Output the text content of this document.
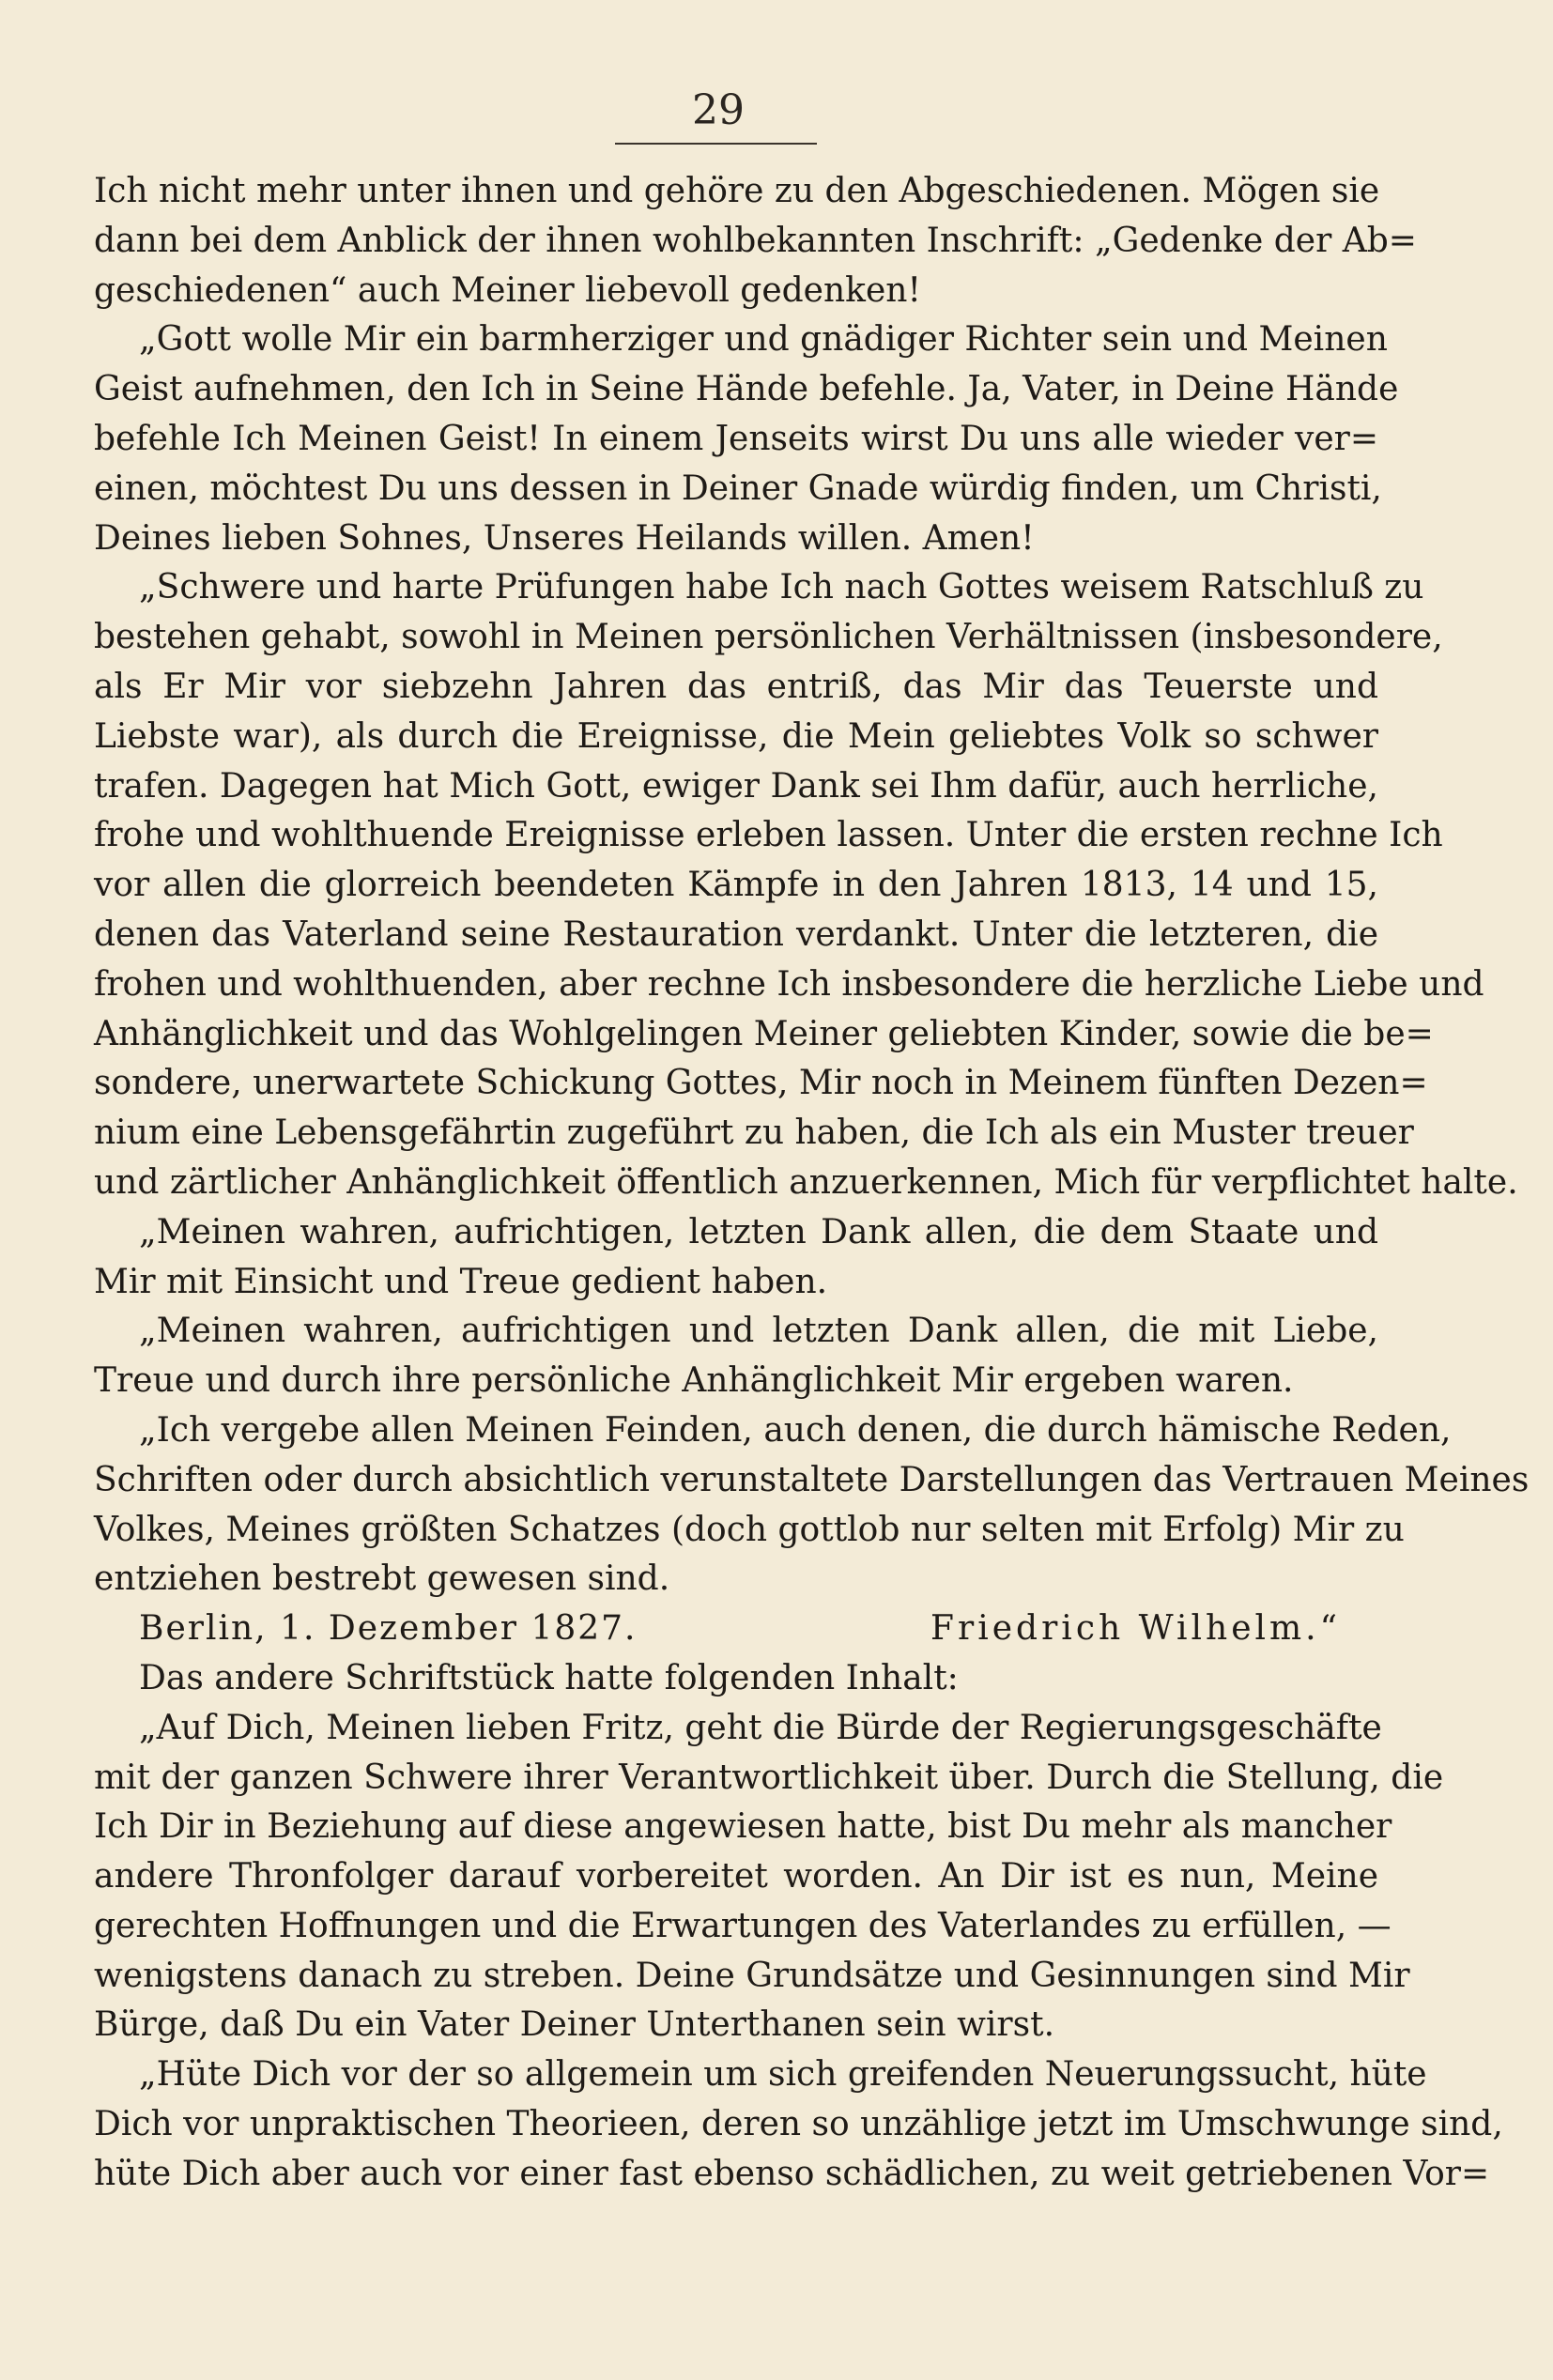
29
Ich nicht mehr unter ihnen und gehöre zu den Abgeschiedenen. Mögen sie
dann bei dem Anblick der ihnen wohlbekannten Inschrift: „Gedenke der Ab=
geschiedenen“ auch Meiner liebevoll gedenken!
„Gott wolle Mir ein barmherziger und gnädiger Richter sein und Meinen
Geist aufnehmen, den Ich in Seine Hände befehle. Ja, Vater, in Deine Hände
befehle Ich Meinen Geist! In einem Jenseits wirst Du uns alle wieder ver=
einen, möchtest Du uns dessen in Deiner Gnade würdig finden, um Christi,
Deines lieben Sohnes, Unseres Heilands willen. Amen!
„Schwere und harte Prüfungen habe Ich nach Gottes weisem Ratschluß zu
bestehen gehabt, sowohl in Meinen persönlichen Verhältnissen (insbesondere,
als Er Mir vor siebzehn Jahren das entriß, das Mir das Teuerste und
Liebste war), als durch die Ereignisse, die Mein geliebtes Volk so schwer
trafen. Dagegen hat Mich Gott, ewiger Dank sei Ihm dafür, auch herrliche,
frohe und wohlthuende Ereignisse erleben lassen. Unter die ersten rechne Ich
vor allen die glorreich beendeten Kämpfe in den Jahren 1813, 14 und 15,
denen das Vaterland seine Restauration verdankt. Unter die letzteren, die
frohen und wohlthuenden, aber rechne Ich insbesondere die herzliche Liebe und
Anhänglichkeit und das Wohlgelingen Meiner geliebten Kinder, sowie die be=
sondere, unerwartete Schickung Gottes, Mir noch in Meinem fünften Dezen=
nium eine Lebensgefährtin zugeführt zu haben, die Ich als ein Muster treuer
und zärtlicher Anhänglichkeit öffentlich anzuerkennen, Mich für verpflichtet halte.
„Meinen wahren, aufrichtigen, letzten Dank allen, die dem Staate und
Mir mit Einsicht und Treue gedient haben.
„Meinen wahren, aufrichtigen und letzten Dank allen, die mit Liebe,
Treue und durch ihre persönliche Anhänglichkeit Mir ergeben waren.
„Ich vergebe allen Meinen Feinden, auch denen, die durch hämische Reden,
Schriften oder durch absichtlich verunstaltete Darstellungen das Vertrauen Meines
Volkes, Meines größten Schatzes (doch gottlob nur selten mit Erfolg) Mir zu
entziehen bestrebt gewesen sind.
Berlin, 1. Dezember 1827.	Friedrich Wilhelm.“
Das andere Schriftstück hatte folgenden Inhalt:
„Auf Dich, Meinen lieben Fritz, geht die Bürde der Regierungsgeschäfte
mit der ganzen Schwere ihrer Verantwortlichkeit über. Durch die Stellung, die
Ich Dir in Beziehung auf diese angewiesen hatte, bist Du mehr als mancher
andere Thronfolger darauf vorbereitet worden. An Dir ist es nun, Meine
gerechten Hoffnungen und die Erwartungen des Vaterlandes zu erfüllen, —
wenigstens danach zu streben. Deine Grundsätze und Gesinnungen sind Mir
Bürge, daß Du ein Vater Deiner Unterthanen sein wirst.
„Hüte Dich vor der so allgemein um sich greifenden Neuerungssucht, hüte
Dich vor unpraktischen Theorieen, deren so unzählige jetzt im Umschwunge sind,
hüte Dich aber auch vor einer fast ebenso schädlichen, zu weit getriebenen Vor=
